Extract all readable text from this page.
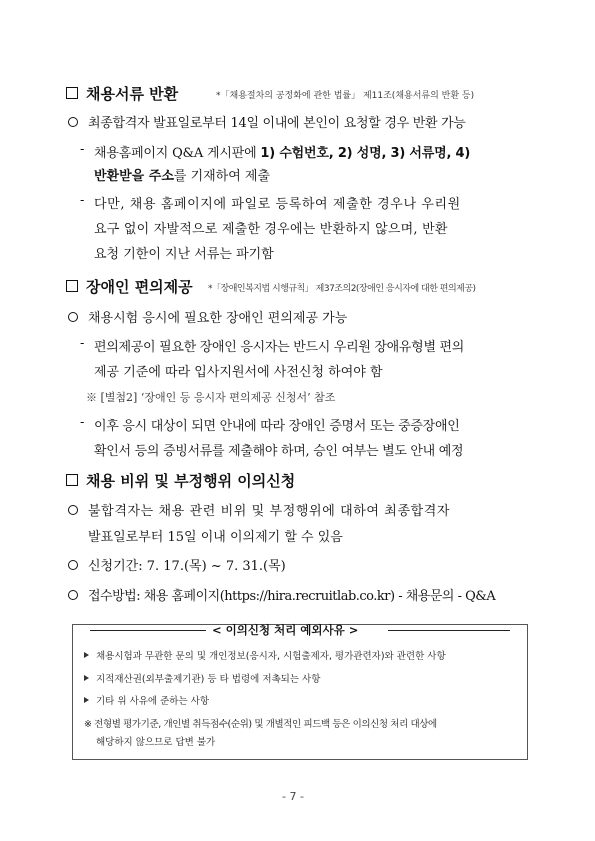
채용서류 반환	*「채용절차의 공정화에 관한 법률」 제11조(채용서류의 반환 등)
최종합격자 발표일로부터 14일 이내에 본인이 요청할 경우 반환 가능
- 채용홈페이지 Q&A 게시판에 1) 수험번호, 2) 성명, 3) 서류명, 4)
반환받을 주소를 기재하여 제출
- 다만, 채용 홈페이지에 파일로 등록하여 제출한 경우나 우리원
요구 없이 자발적으로 제출한 경우에는 반환하지 않으며, 반환
요청 기한이 지난 서류는 파기함
장애인 편의제공 *「장애인복지법 시행규칙」 제37조의2(장애인 응시자에 대한 편의제공)
채용시험 응시에 필요한 장애인 편의제공 가능
- 편의제공이 필요한 장애인 응시자는 반드시 우리원 장애유형별 편의
제공 기준에 따라 입사지원서에 사전신청 하여야 함
※ [별첨2] ‘장애인 등 응시자 편의제공 신청서’ 참조
- 이후 응시 대상이 되면 안내에 따라 장애인 증명서 또는 중증장애인
확인서 등의 증빙서류를 제출해야 하며, 승인 여부는 별도 안내 예정
채용 비위 및 부정행위 이의신청
불합격자는 채용 관련 비위 및 부정행위에 대하여 최종합격자
발표일로부터 15일 이내 이의제기 할 수 있음
신청기간: 7. 17.(목) ~ 7. 31.(목)
접수방법: 채용 홈페이지(https://hira.recruitlab.co.kr) - 채용문의 - Q&A
< 이의신청 처리 예외사유 >
채용시험과 무관한 문의 및 개인정보(응시자, 시험출제자, 평가관련자)와 관련한 사항
지적재산권(외부출제기관) 등 타 법령에 저촉되는 사항
기타 위 사유에 준하는 사항
※ 전형별 평가기준, 개인별 취득점수(순위) 및 개별적인 피드백 등은 이의신청 처리 대상에
해당하지 않으므로 답변 불가
- 7 -
